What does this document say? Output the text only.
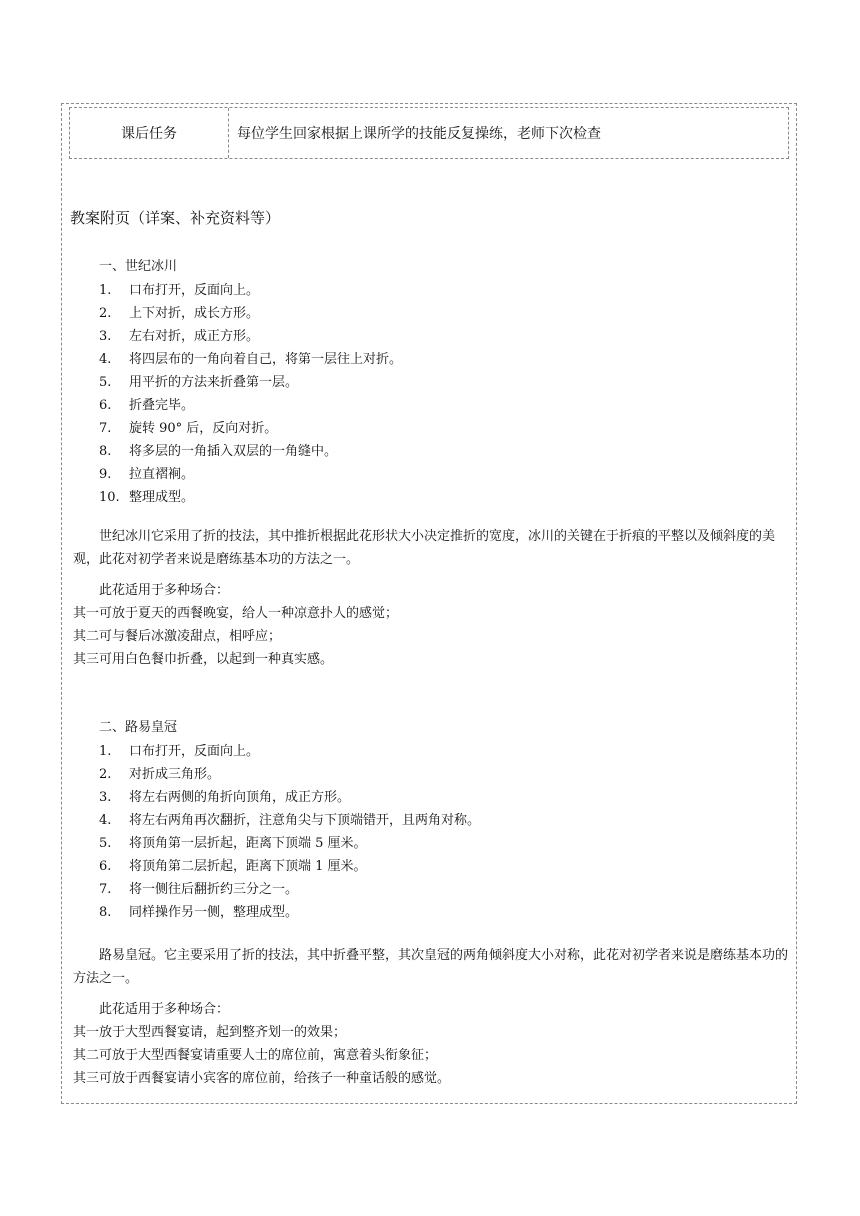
课后任务	每位学生回家根据上课所学的技能反复操练，老师下次检查
教案附页（详案、补充资料等）
一、世纪冰川
1. 口布打开，反面向上。
2. 上下对折，成长方形。
3. 左右对折，成正方形。
4. 将四层布的一角向着自己，将第一层往上对折。
5. 用平折的方法来折叠第一层。
6. 折叠完毕。
7. 旋转 90° 后，反向对折。
8. 将多层的一角插入双层的一角缝中。
9. 拉直褶裥。
10. 整理成型。
世纪冰川它采用了折的技法，其中推折根据此花形状大小决定推折的宽度，冰川的关键在于折痕的平整以及倾斜度的美观，此花对初学者来说是磨练基本功的方法之一。
此花适用于多种场合：
其一可放于夏天的西餐晚宴，给人一种凉意扑人的感觉；
其二可与餐后冰激凌甜点，相呼应；
其三可用白色餐巾折叠，以起到一种真实感。
二、路易皇冠
1. 口布打开，反面向上。
2. 对折成三角形。
3. 将左右两侧的角折向顶角，成正方形。
4. 将左右两角再次翻折，注意角尖与下顶端错开，且两角对称。
5. 将顶角第一层折起，距离下顶端 5 厘米。
6. 将顶角第二层折起，距离下顶端 1 厘米。
7. 将一侧往后翻折约三分之一。
8. 同样操作另一侧，整理成型。
路易皇冠。它主要采用了折的技法，其中折叠平整，其次皇冠的两角倾斜度大小对称，此花对初学者来说是磨练基本功的方法之一。
此花适用于多种场合：
其一放于大型西餐宴请，起到整齐划一的效果；
其二可放于大型西餐宴请重要人士的席位前，寓意着头衔象征；
其三可放于西餐宴请小宾客的席位前，给孩子一种童话般的感觉。
